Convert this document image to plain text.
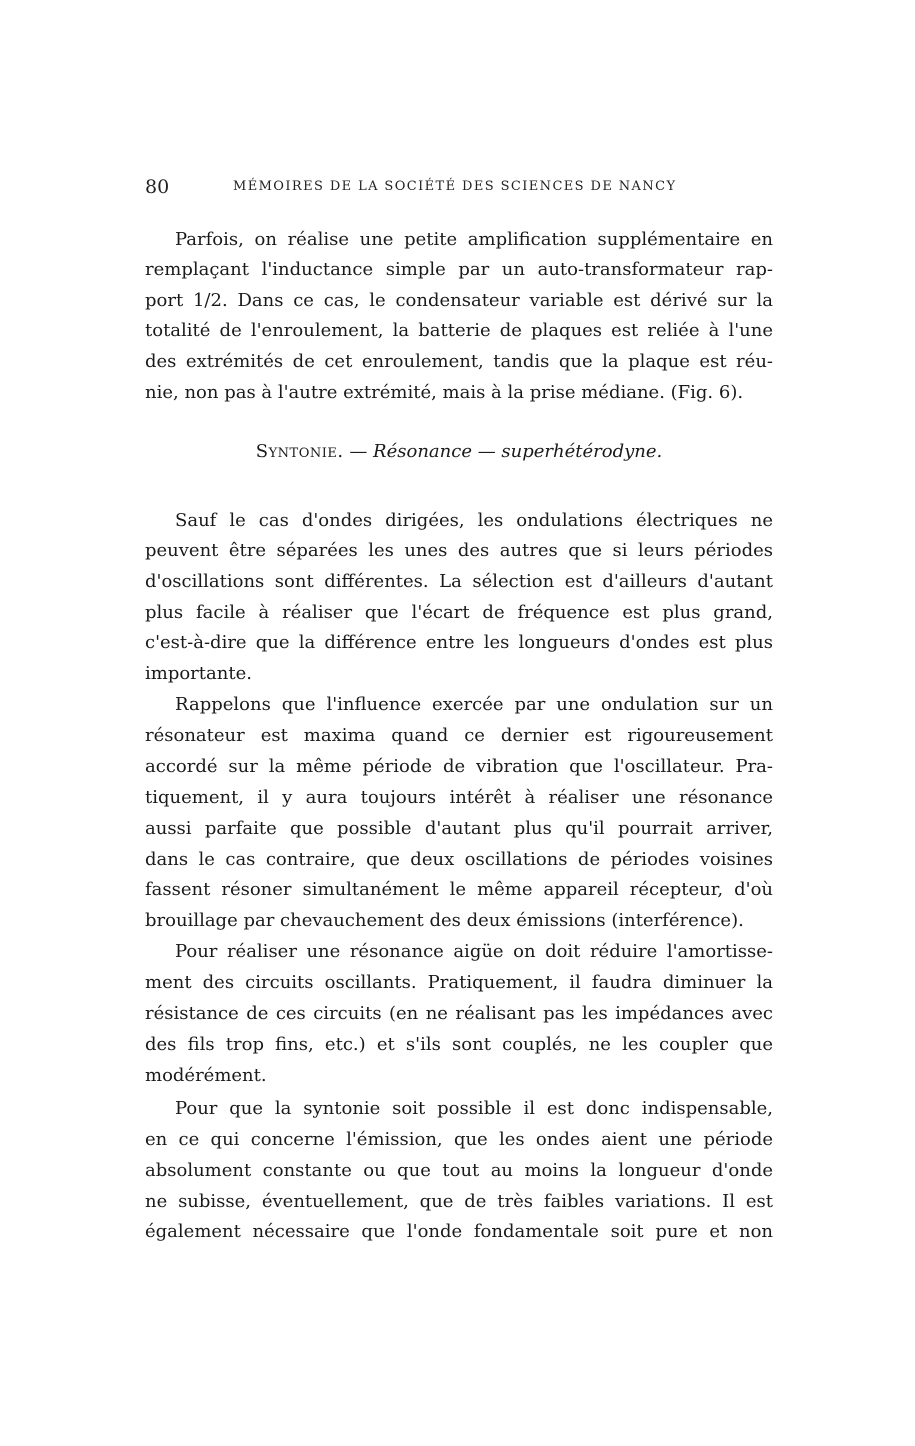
80	MÉMOIRES DE LA SOCIÉTÉ DES SCIENCES DE NANCY
Parfois, on réalise une petite amplification supplémentaire en
remplaçant l'inductance simple par un auto-transformateur rap-
port 1/2. Dans ce cas, le condensateur variable est dérivé sur la
totalité de l'enroulement, la batterie de plaques est reliée à l'une
des extrémités de cet enroulement, tandis que la plaque est réu-
nie, non pas à l'autre extrémité, mais à la prise médiane. (Fig. 6).
Syntonie. — Résonance — superhétérodyne.
Sauf le cas d'ondes dirigées, les ondulations électriques ne
peuvent être séparées les unes des autres que si leurs périodes
d'oscillations sont différentes. La sélection est d'ailleurs d'autant
plus facile à réaliser que l'écart de fréquence est plus grand,
c'est-à-dire que la différence entre les longueurs d'ondes est plus
importante.
Rappelons que l'influence exercée par une ondulation sur un
résonateur est maxima quand ce dernier est rigoureusement
accordé sur la même période de vibration que l'oscillateur. Pra-
tiquement, il y aura toujours intérêt à réaliser une résonance
aussi parfaite que possible d'autant plus qu'il pourrait arriver,
dans le cas contraire, que deux oscillations de périodes voisines
fassent résoner simultanément le même appareil récepteur, d'où
brouillage par chevauchement des deux émissions (interférence).
Pour réaliser une résonance aigüe on doit réduire l'amortisse-
ment des circuits oscillants. Pratiquement, il faudra diminuer la
résistance de ces circuits (en ne réalisant pas les impédances avec
des fils trop fins, etc.) et s'ils sont couplés, ne les coupler que
modérément.
Pour que la syntonie soit possible il est donc indispensable,
en ce qui concerne l'émission, que les ondes aient une période
absolument constante ou que tout au moins la longueur d'onde
ne subisse, éventuellement, que de très faibles variations. Il est
également nécessaire que l'onde fondamentale soit pure et non
